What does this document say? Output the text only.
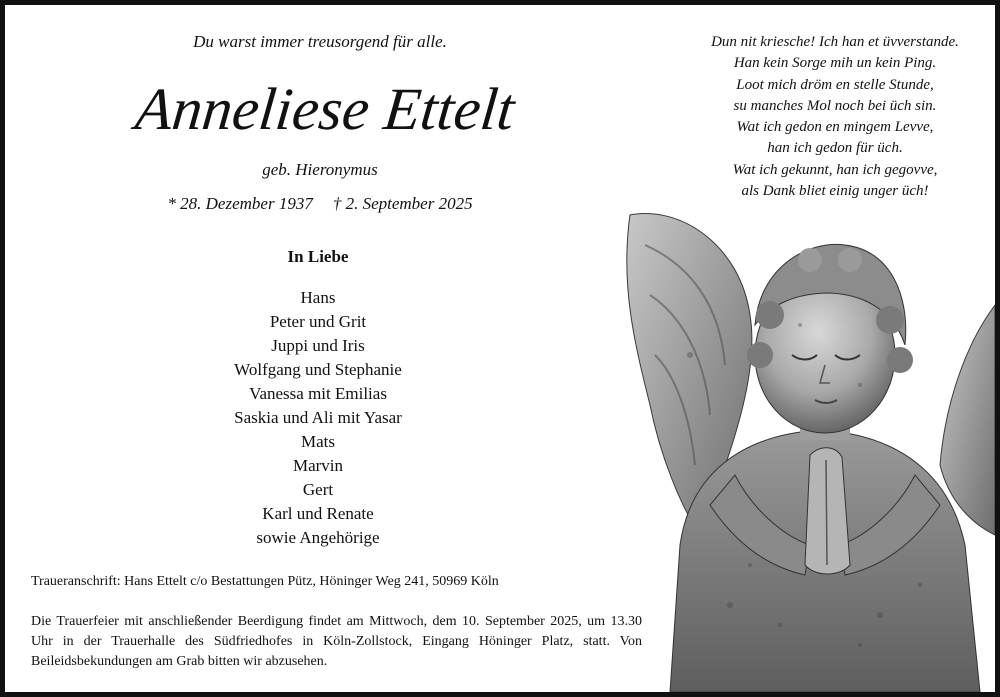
Du warst immer treusorgend für alle.
Anneliese Ettelt
geb. Hieronymus
* 28. Dezember 1937 † 2. September 2025
In Liebe
Hans
Peter und Grit
Juppi und Iris
Wolfgang und Stephanie
Vanessa mit Emilias
Saskia und Ali mit Yasar
Mats
Marvin
Gert
Karl und Renate
sowie Angehörige
Traueranschrift: Hans Ettelt c/o Bestattungen Pütz, Höninger Weg 241, 50969 Köln
Die Trauerfeier mit anschließender Beerdigung findet am Mittwoch, dem 10. September 2025, um 13.30 Uhr in der Trauerhalle des Südfriedhofes in Köln-Zollstock, Eingang Höninger Platz, statt. Von Beileidsbekundungen am Grab bitten wir abzusehen.
Dun nit kriesche! Ich han et üvverstande.
Han kein Sorge mih un kein Ping.
Loot mich dröm en stelle Stunde,
su manches Mol noch bei üch sin.
Wat ich gedon en mingem Levve,
han ich gedon für üch.
Wat ich gekunnt, han ich gegovve,
als Dank bliet einig unger üch!
